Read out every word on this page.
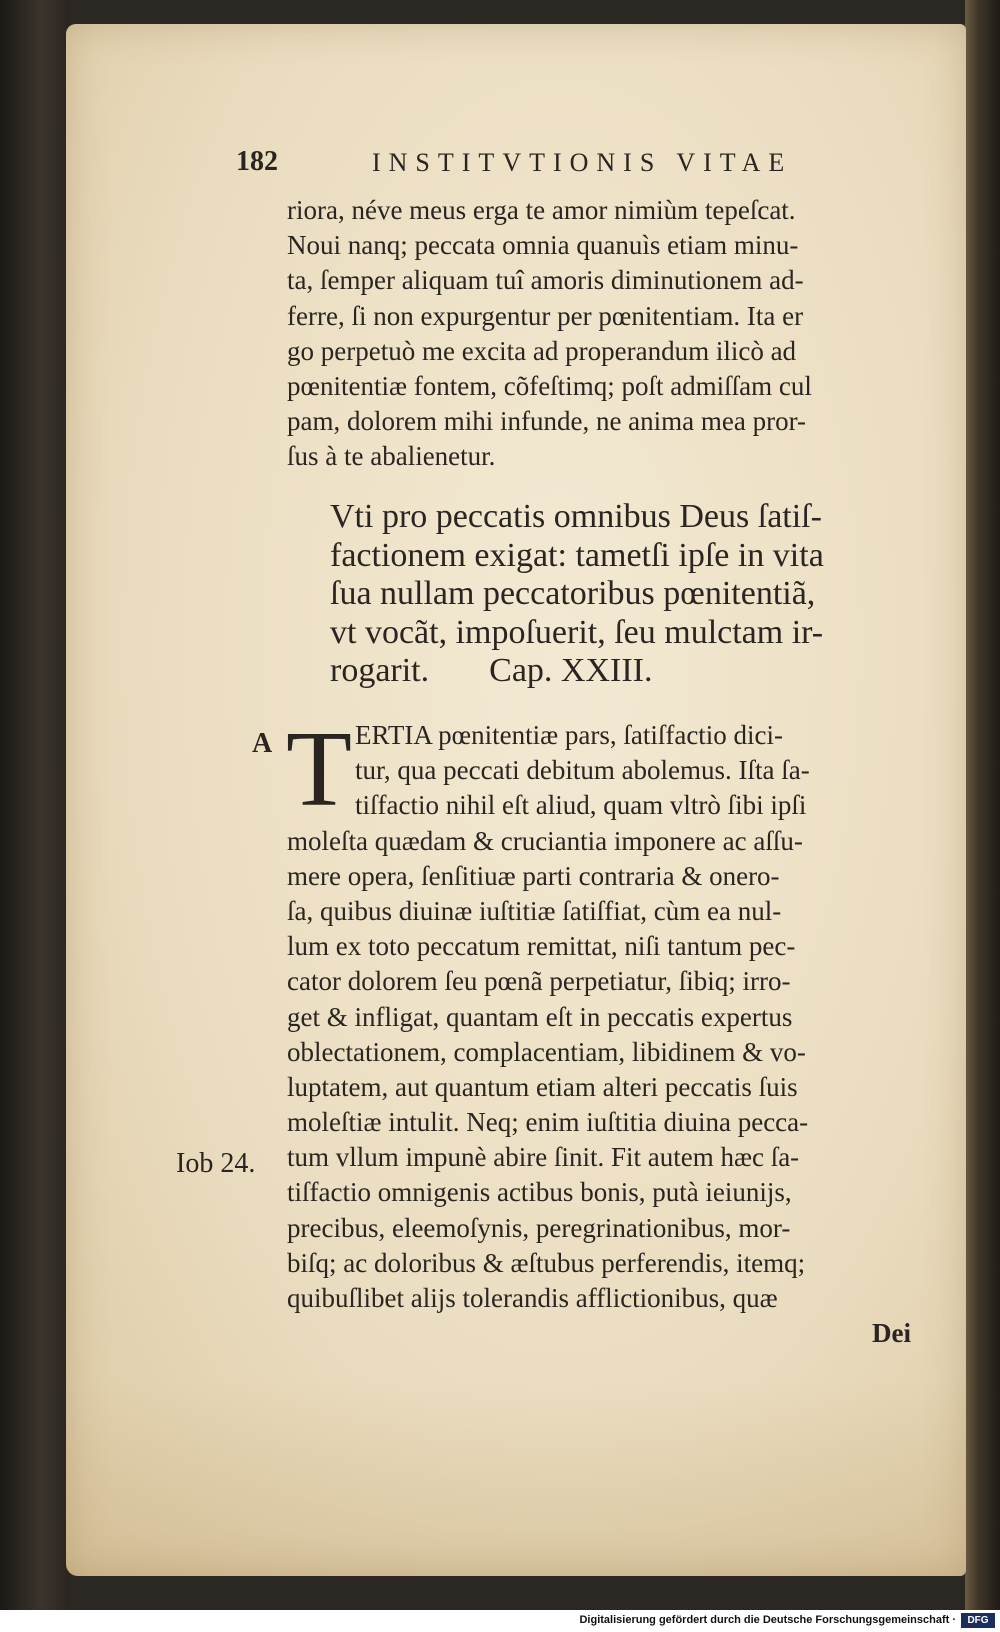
182	INSTITVTIONIS VITAE
riora, néve meus erga te amor nimiùm tepeſcat.
Noui nanq; peccata omnia quanuìs etiam minu-
ta, ſemper aliquam tuî amoris diminutionem ad-
ferre, ſi non expurgentur per pœnitentiam. Ita er
go perpetuò me excita ad properandum ilicò ad
pœnitentiæ fontem, cõfeſtimq; poſt admiſſam cul
pam, dolorem mihi infunde, ne anima mea pror-
ſus à te abalienetur.
Vti pro peccatis omnibus Deus ſatiſ-
factionem exigat: tametſi ipſe in vita
ſua nullam peccatoribus pœnitentiã,
vt vocãt, impoſuerit, ſeu mulctam ir-
rogarit. Cap. XXIII.
A T ERTIA pœnitentiæ pars, ſatiſfactio dici-
tur, qua peccati debitum abolemus. Iſta ſa-
tiſfactio nihil eſt aliud, quam vltrò ſibi ipſi
moleſta quædam & cruciantia imponere ac aſſu-
mere opera, ſenſitiuæ parti contraria & onero-
ſa, quibus diuinæ iuſtitiæ ſatiſfiat, cùm ea nul-
lum ex toto peccatum remittat, niſi tantum pec-
cator dolorem ſeu pœnã perpetiatur, ſibiq; irro-
get & infligat, quantam eſt in peccatis expertus
oblectationem, complacentiam, libidinem & vo-
luptatem, aut quantum etiam alteri peccatis ſuis
moleſtiæ intulit. Neq; enim iuſtitia diuina pecca-
tum vllum impunè abire ſinit. Fit autem hæc ſa-
tiſfactio omnigenis actibus bonis, putà ieiunijs,
precibus, eleemoſynis, peregrinationibus, mor-
biſq; ac doloribus & æſtubus perferendis, itemq;
quibuſlibet alijs tolerandis afflictionibus, quæ
Iob 24.
Dei
Digitalisierung gefördert durch die Deutsche Forschungsgemeinschaft ·	DFG
